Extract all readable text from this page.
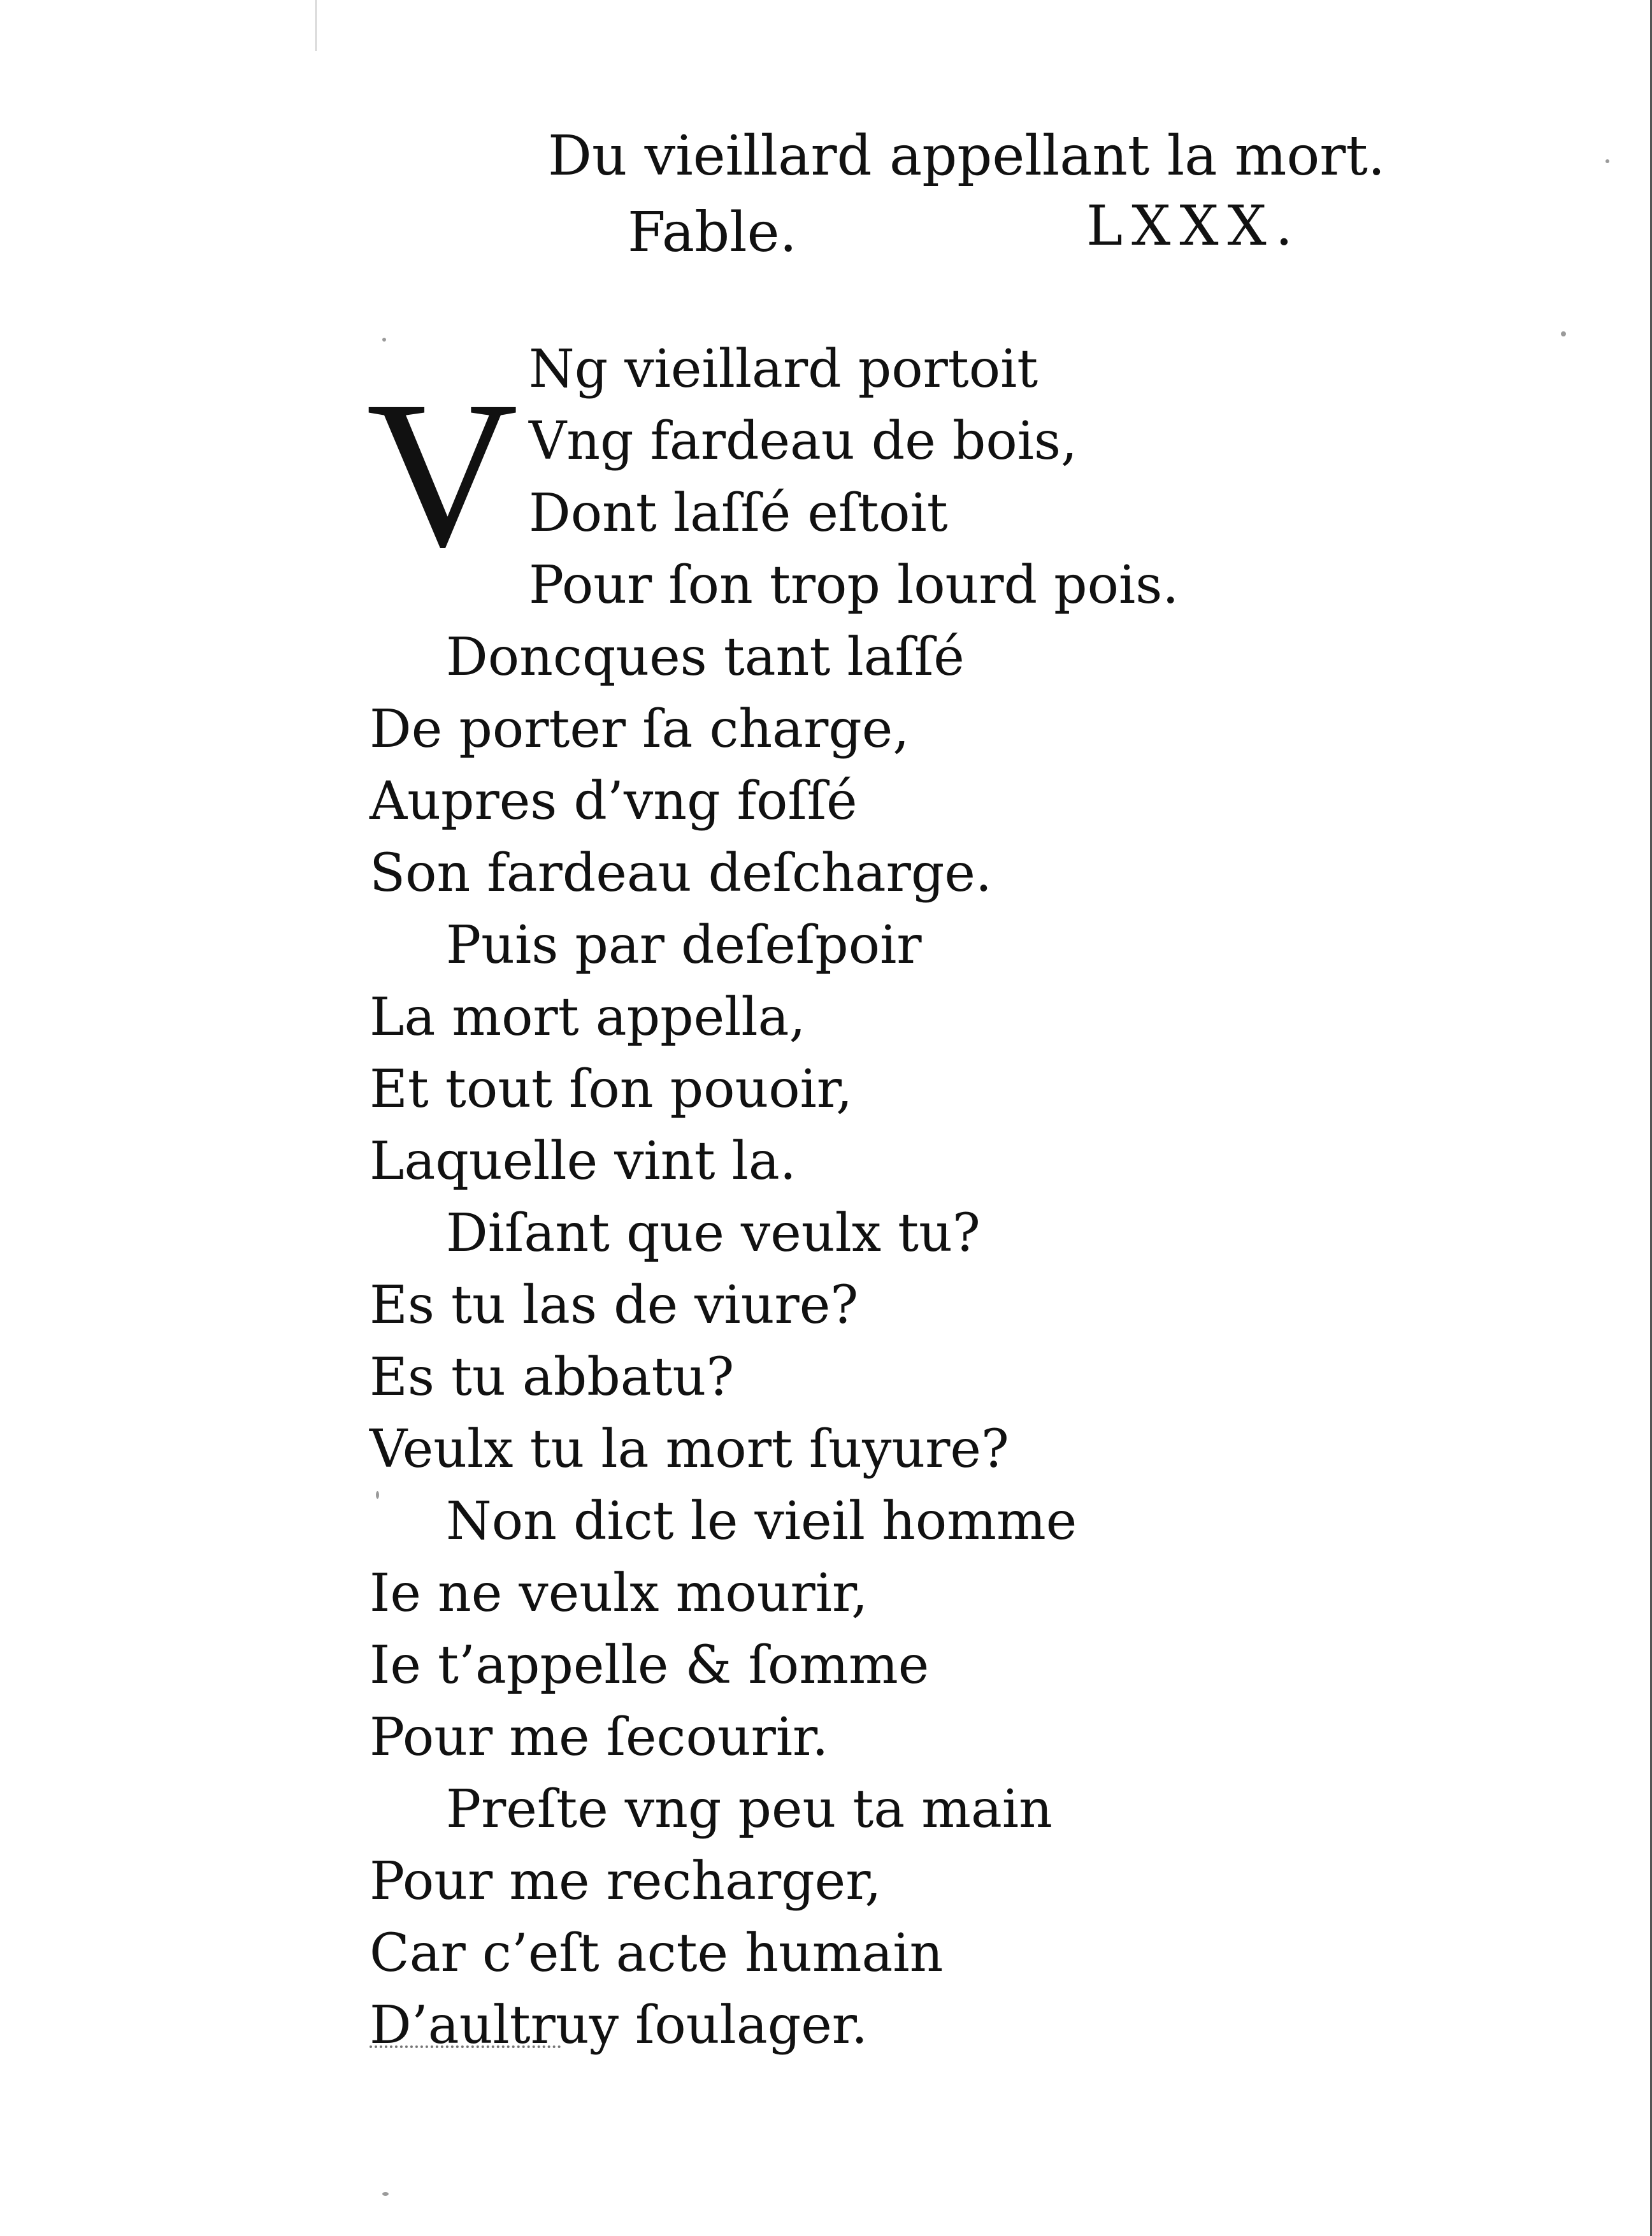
Du vieillard appellant la mort.
Fable.	LXXX.
V Ng vieillard portoit
Vng fardeau de bois,
Dont laſſé eſtoit
Pour ſon trop lourd pois.
Doncques tant laſſé
De porter ſa charge,
Aupres d’vng foſſé
Son fardeau deſcharge.
Puis par deſeſpoir
La mort appella,
Et tout ſon pouoir,
Laquelle vint la.
Diſant que veulx tu?
Es tu las de viure?
Es tu abbatu?
Veulx tu la mort ſuyure?
Non dict le vieil homme
Ie ne veulx mourir,
Ie t’appelle & ſomme
Pour me ſecourir.
Preſte vng peu ta main
Pour me recharger,
Car c’eſt acte humain
D’aultruy ſoulager.
